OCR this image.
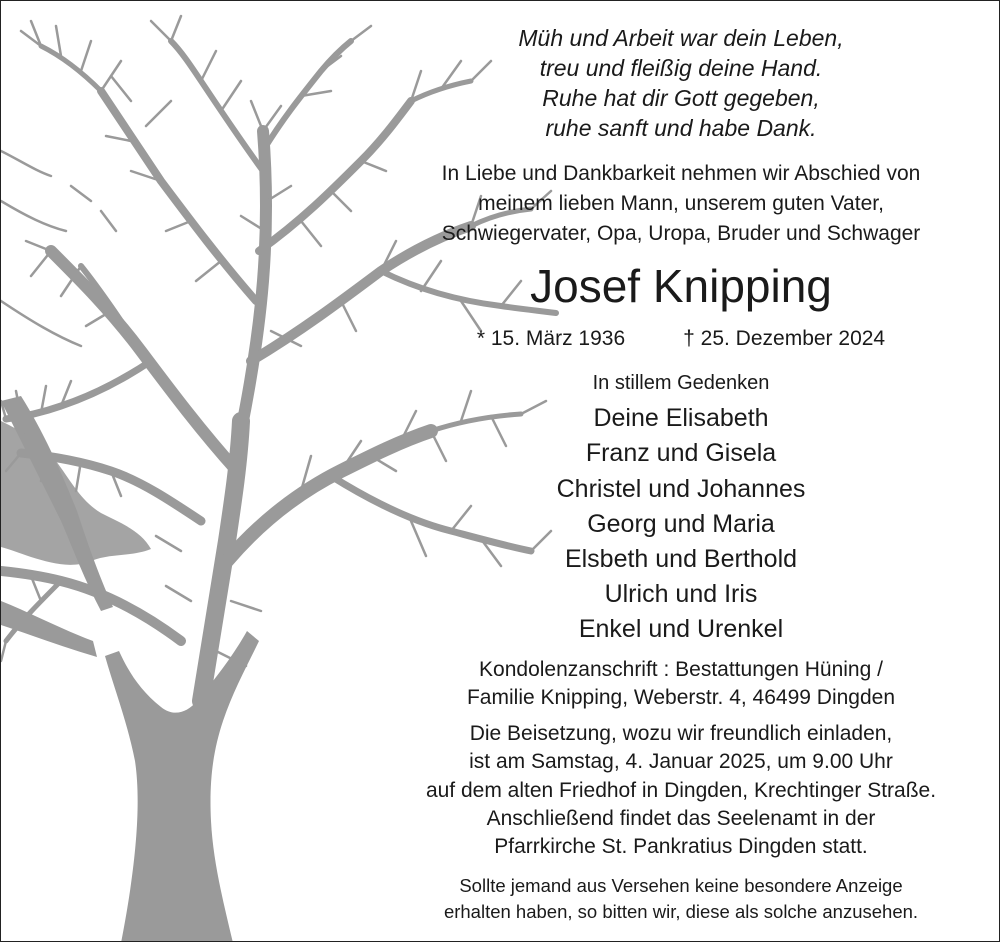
Müh und Arbeit war dein Leben,
treu und fleißig deine Hand.
Ruhe hat dir Gott gegeben,
ruhe sanft und habe Dank.
In Liebe und Dankbarkeit nehmen wir Abschied von
meinem lieben Mann, unserem guten Vater,
Schwiegervater, Opa, Uropa, Bruder und Schwager
Josef Knipping
* 15. März 1936	† 25. Dezember 2024
In stillem Gedenken
Deine Elisabeth
Franz und Gisela
Christel und Johannes
Georg und Maria
Elsbeth und Berthold
Ulrich und Iris
Enkel und Urenkel
Kondolenzanschrift : Bestattungen Hüning /
Familie Knipping, Weberstr. 4, 46499 Dingden
Die Beisetzung, wozu wir freundlich einladen,
ist am Samstag, 4. Januar 2025, um 9.00 Uhr
auf dem alten Friedhof in Dingden, Krechtinger Straße.
Anschließend findet das Seelenamt in der
Pfarrkirche St. Pankratius Dingden statt.
Sollte jemand aus Versehen keine besondere Anzeige
erhalten haben, so bitten wir, diese als solche anzusehen.
